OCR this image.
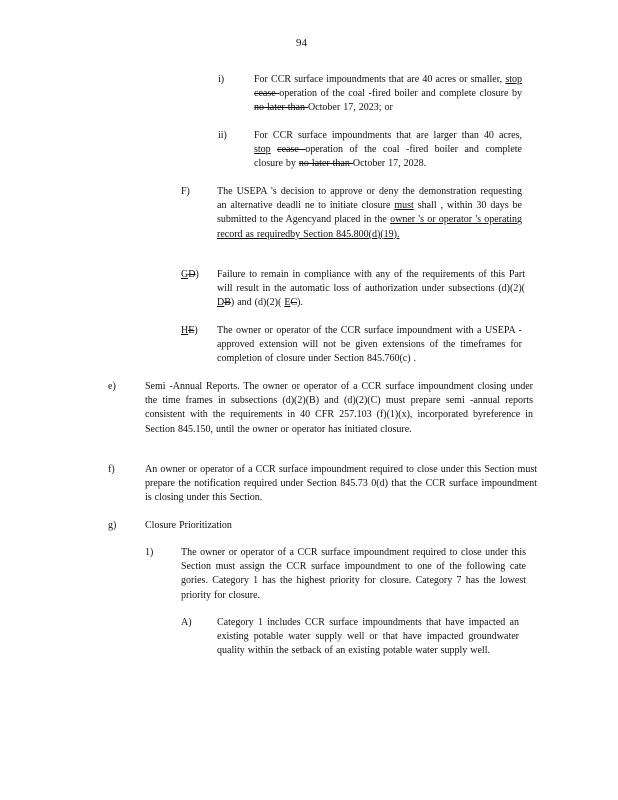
94
i)	For CCR surface impoundments that are 40 acres or smaller, stop cease operation of the coal -fired boiler and complete closure by no later than October 17, 2023; or
ii)	For CCR surface impoundments that are larger than 40 acres, stop cease operation of the coal -fired boiler and complete closure by no later than October 17, 2028.
F)	The USEPA 's decision to approve or deny the demonstration requesting an alternative deadli ne to initiate closure must shall , within 30 days be submitted to the Agencyand placed in the owner 's or operator 's operating record as requiredby Section 845.800(d)(19).
GD) Failure to remain in compliance with any of the requirements of this Part will result in the automatic loss of authorization under subsections (d)(2)( DB) and (d)(2)( EC).
HE) The owner or operator of the CCR surface impoundment with a USEPA -approved extension will not be given extensions of the timeframes for completion of closure under Section 845.760(c) .
e)	Semi -Annual Reports. The owner or operator of a CCR surface impoundment closing under the time frames in subsections (d)(2)(B) and (d)(2)(C) must prepare semi -annual reports consistent with the requirements in 40 CFR 257.103 (f)(1)(x), incorporated byreference in Section 845.150, until the owner or operator has initiated closure.
f)	An owner or operator of a CCR surface impoundment required to close under this Section must prepare the notification required under Section 845.73 0(d) that the CCR surface impoundment is closing under this Section.
g)	Closure Prioritization
1)	The owner or operator of a CCR surface impoundment required to close under this Section must assign the CCR surface impoundment to one of the following cate gories. Category 1 has the highest priority for closure. Category 7 has the lowest priority for closure.
A)	Category 1 includes CCR surface impoundments that have impacted an existing potable water supply well or that have impacted groundwater quality within the setback of an existing potable water supply well.
